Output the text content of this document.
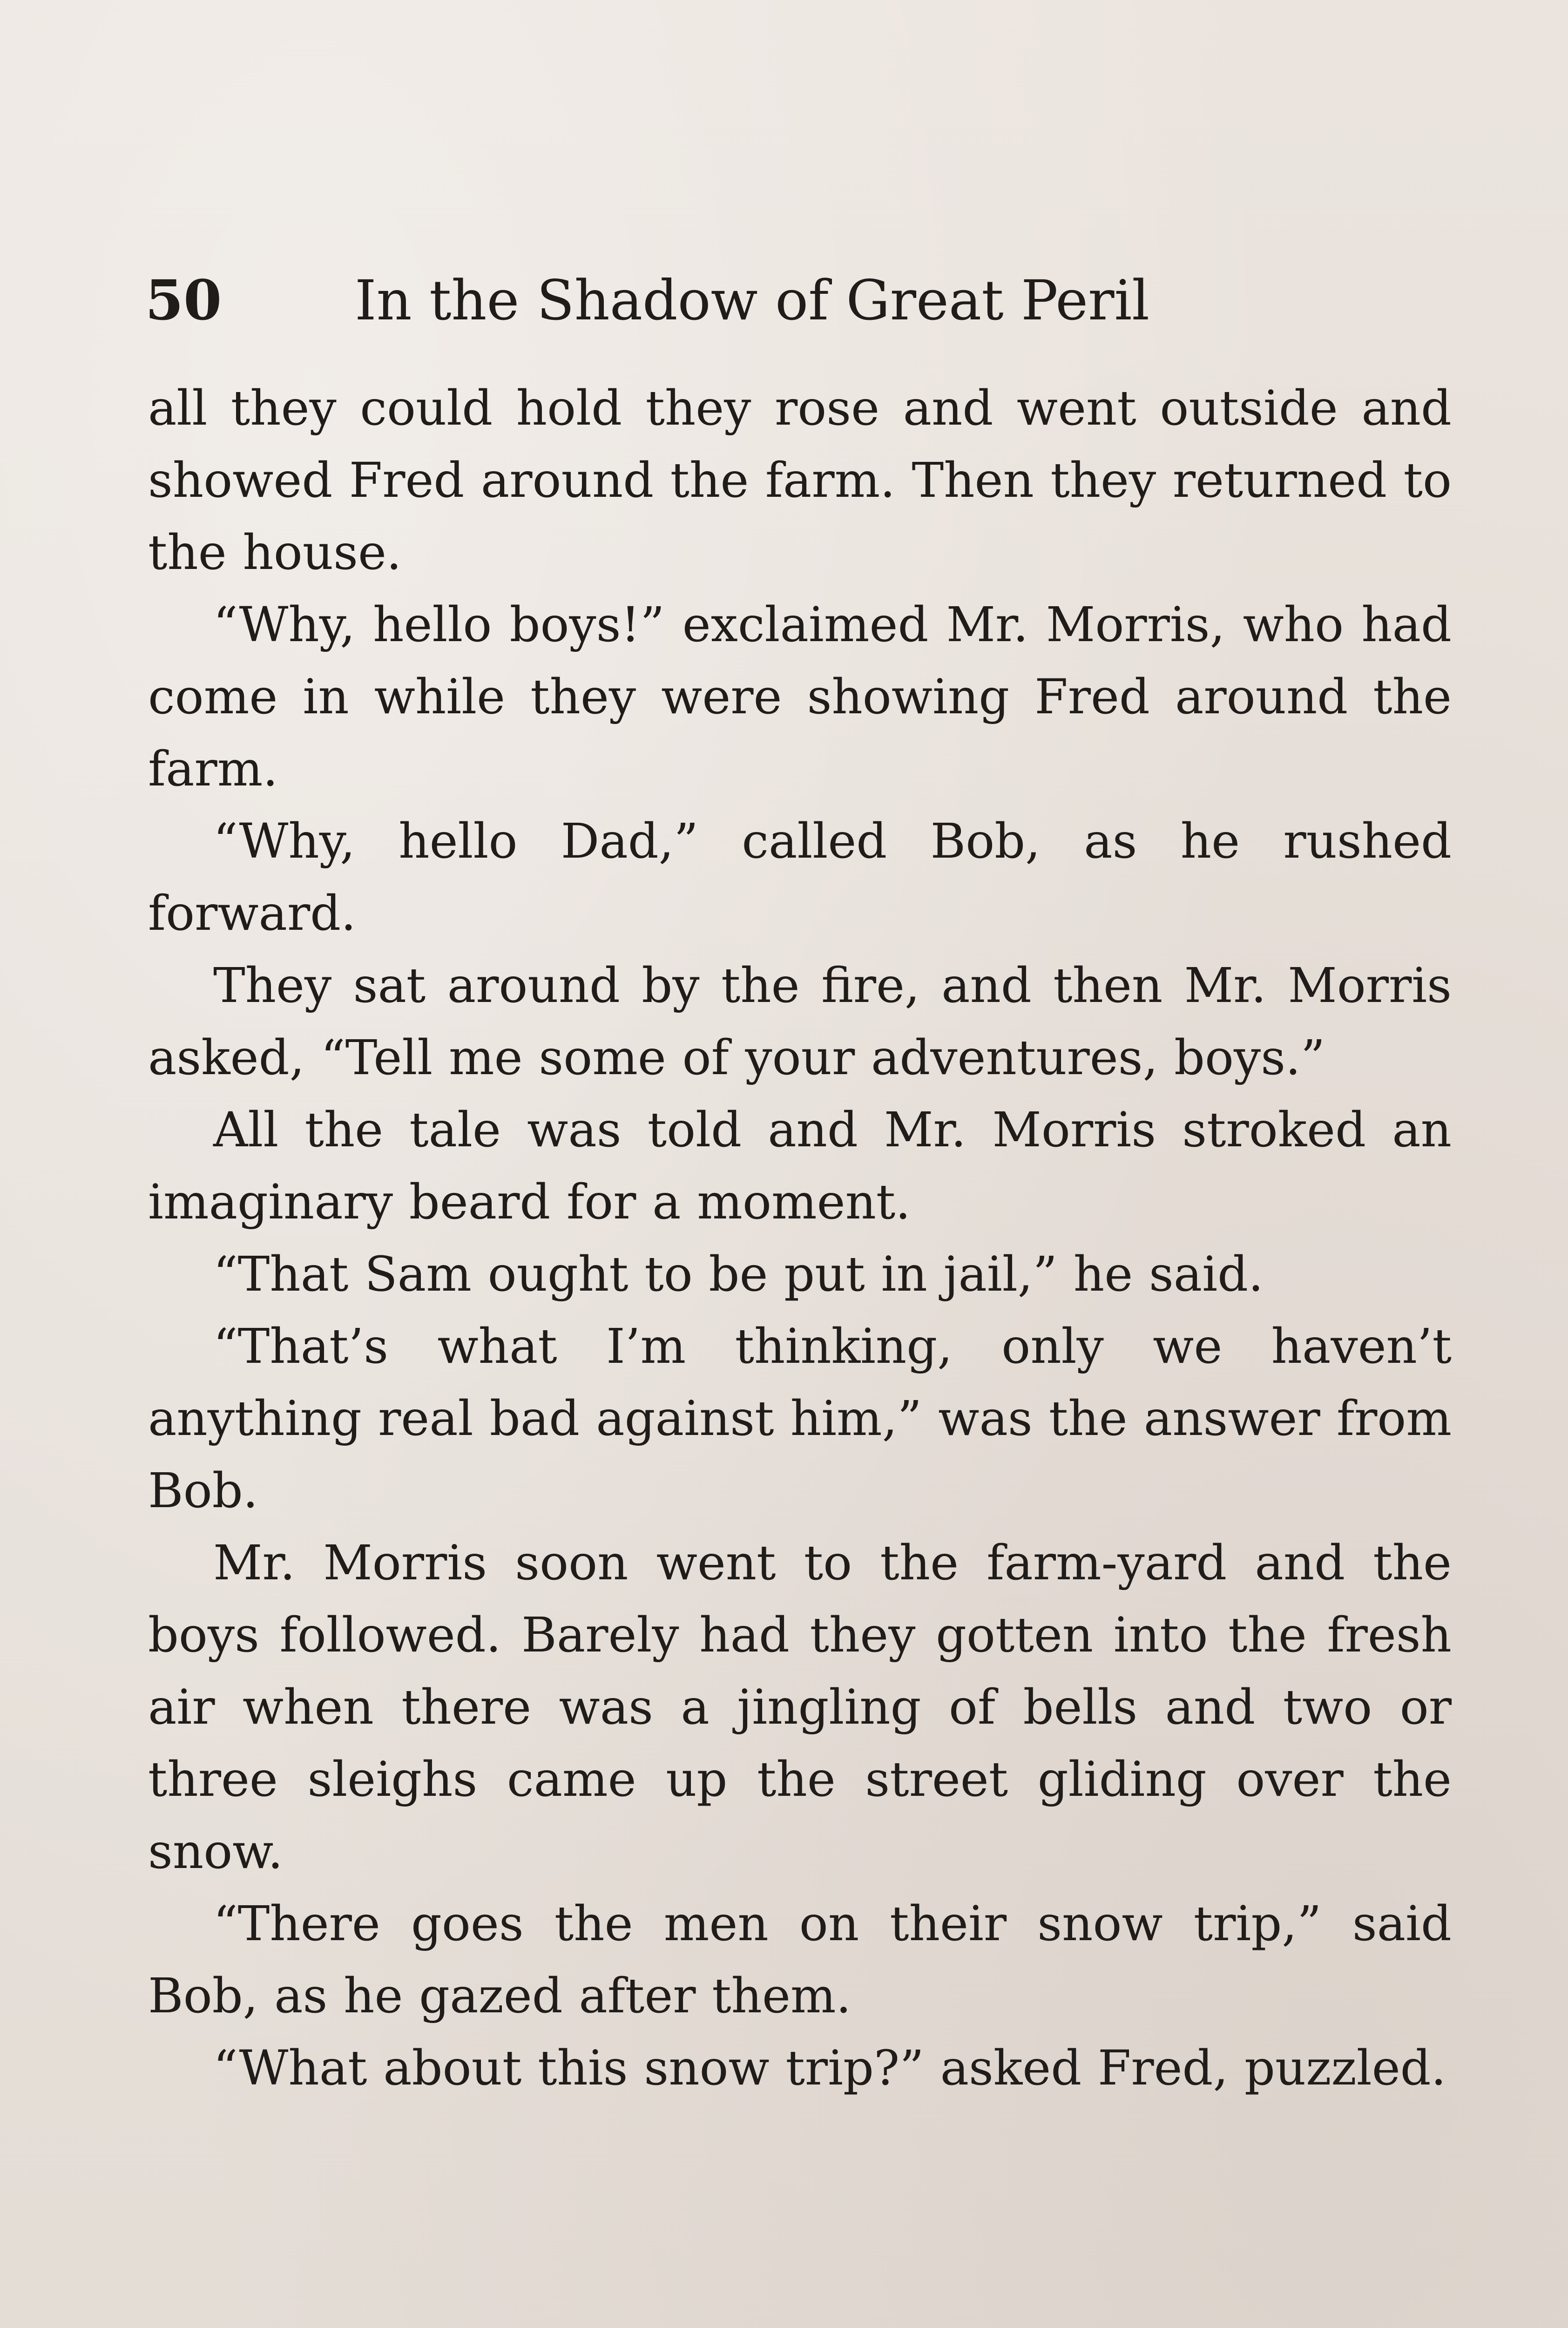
50 In the Shadow of Great Peril

all they could hold they rose and went outside and showed Fred around the farm. Then they returned to the house.

“Why, hello boys!” exclaimed Mr. Morris, who had come in while they were showing Fred around the farm.

“Why, hello Dad,” called Bob, as he rushed forward.

They sat around by the fire, and then Mr. Morris asked, “Tell me some of your adventures, boys.”

All the tale was told and Mr. Morris stroked an imaginary beard for a moment.

“That Sam ought to be put in jail,” he said.

“That’s what I’m thinking, only we haven’t anything real bad against him,” was the answer from Bob.

Mr. Morris soon went to the farm-yard and the boys followed. Barely had they gotten into the fresh air when there was a jingling of bells and two or three sleighs came up the street gliding over the snow.

“There goes the men on their snow trip,” said Bob, as he gazed after them.

“What about this snow trip?” asked Fred, puzzled.
